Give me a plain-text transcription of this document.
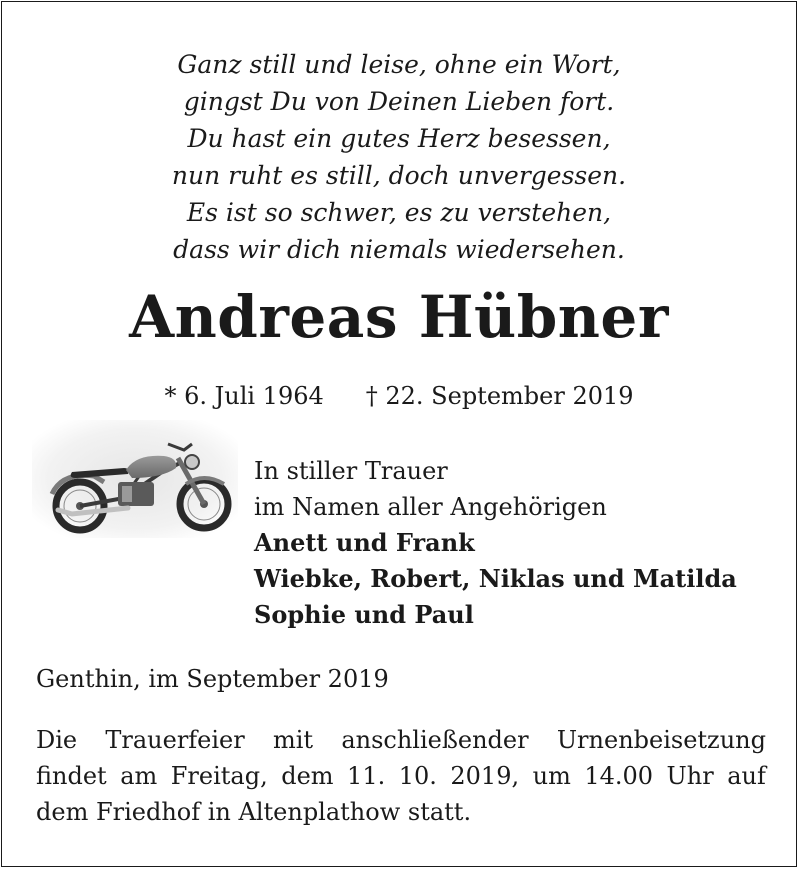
Ganz still und leise, ohne ein Wort,
gingst Du von Deinen Lieben fort.
Du hast ein gutes Herz besessen,
nun ruht es still, doch unvergessen.
Es ist so schwer, es zu verstehen,
dass wir dich niemals wiedersehen.
Andreas Hübner
* 6. Juli 1964 † 22. September 2019
In stiller Trauer
im Namen aller Angehörigen
Anett und Frank
Wiebke, Robert, Niklas und Matilda
Sophie und Paul
Genthin, im September 2019
Die Trauerfeier mit anschließender Urnenbeisetzung
findet am Freitag, dem 11. 10. 2019, um 14.00 Uhr auf
dem Friedhof in Altenplathow statt.
